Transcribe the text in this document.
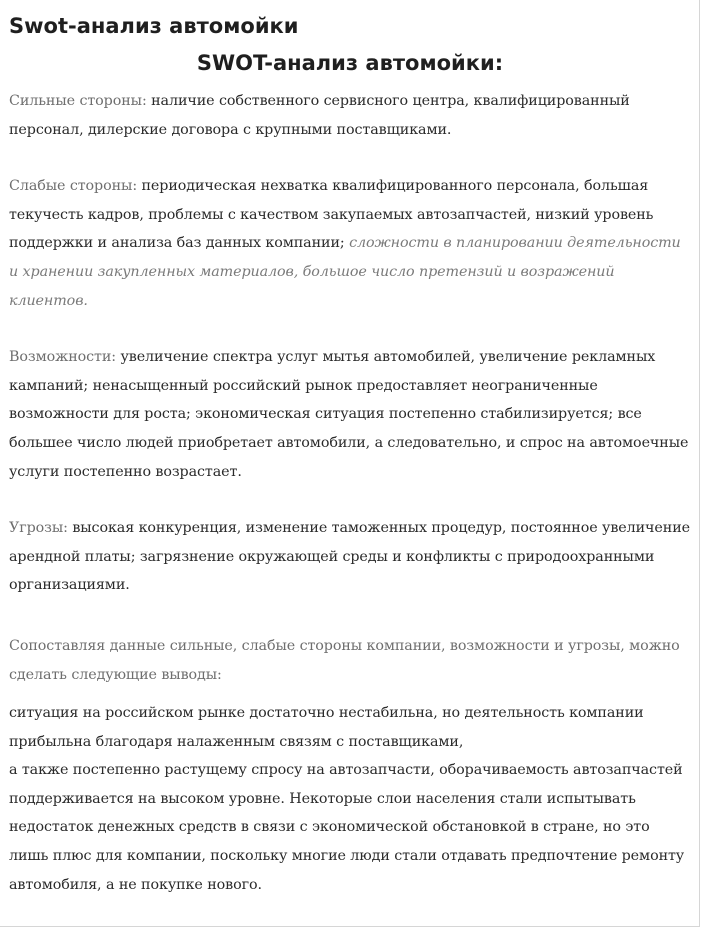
Swot-анализ автомойки
SWOT-анализ автомойки:

Сильные стороны: наличие собственного сервисного центра, квалифицированный персонал, дилерские договора с крупными поставщиками.

Слабые стороны: периодическая нехватка квалифицированного персонала, большая текучесть кадров, проблемы с качеством закупаемых автозапчастей, низкий уровень поддержки и анализа баз данных компании; сложности в планировании деятельности и хранении закупленных материалов, большое число претензий и возражений клиентов.

Возможности: увеличение спектра услуг мытья автомобилей, увеличение рекламных кампаний; ненасыщенный российский рынок предоставляет неограниченные возможности для роста; экономическая ситуация постепенно стабилизируется; все большее число людей приобретает автомобили, а следовательно, и спрос на автомоечные услуги постепенно возрастает.

Угрозы: высокая конкуренция, изменение таможенных процедур, постоянное увеличение арендной платы; загрязнение окружающей среды и конфликты с природоохранными организациями.

Сопоставляя данные сильные, слабые стороны компании, возможности и угрозы, можно сделать следующие выводы:

ситуация на российском рынке достаточно нестабильна, но деятельность компании прибыльна благодаря налаженным связям с поставщиками,
а также постепенно растущему спросу на автозапчасти, оборачиваемость автозапчастей поддерживается на высоком уровне. Некоторые слои населения стали испытывать недостаток денежных средств в связи с экономической обстановкой в стране, но это лишь плюс для компании, поскольку многие люди стали отдавать предпочтение ремонту автомобиля, а не покупке нового.
